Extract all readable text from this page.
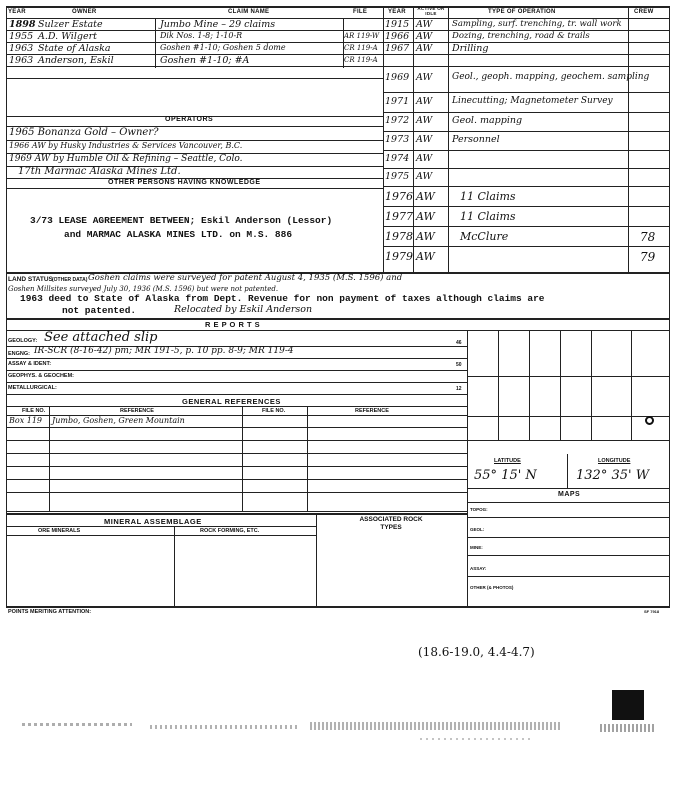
YEAR	OWNER	CLAIM NAME	FILE	YEAR
ACTIVE OR IDLE	TYPE OF OPERATION	CREW
1898 Sulzer Estate	Jumbo Mine – 29 claims
1955 A.D. Wilgert	Dik Nos. 1-8; 1-10-R	AR 119-W
1963 State of Alaska	Goshen #1-10; Goshen 5 dome	CR 119-A
1963 Anderson, Eskil	Goshen #1-10; #A	CR 119-A
1915 AW Sampling, surf. trenching, tr. wall work
1966 AW Dozing, trenching, road & trails
1967 AW Drilling
1969 AW Geol., geoph. mapping, geochem. sampling
1971 AW Linecutting; Magnetometer Survey
1972 AW Geol. mapping
1973 AW Personnel
1974 AW
1975 AW
1976 AW 11 Claims
1977 AW 11 Claims
1978 AW McClure	78
1979 AW	79
OPERATORS
1965 Bonanza Gold – Owner?
1966 AW by Husky Industries & Services Vancouver, B.C.
1969 AW by Humble Oil & Refining – Seattle, Colo.
17th Marmac Alaska Mines Ltd.
OTHER PERSONS HAVING KNOWLEDGE
3/73 LEASE AGREEMENT BETWEEN; Eskil Anderson (Lessor)
and MARMAC ALASKA MINES LTD. on M.S. 886
LAND STATUS (OTHER DATA) Goshen claims were surveyed for patent August 4, 1935 (M.S. 1596) and
Goshen Millsites surveyed July 30, 1936 (M.S. 1596) but were not patented.
1963 deed to State of Alaska from Dept. Revenue for non payment of taxes although claims are
not patented.	Relocated by Eskil Anderson
R E P O R T S
GEOLOGY: See attached slip	46
ENGNG: IR-SCR (8-16-42) pm; MR 191-5, p. 10 pp. 8-9; MR 119-4
ASSAY & IDENT:	50
GEOPHYS. & GEOCHEM:
METALLURGICAL:	12
GENERAL REFERENCES
FILE NO.	REFERENCE	FILE NO.	REFERENCE
Box 119 Jumbo, Goshen, Green Mountain
LATITUDE	LONGITUDE
55° 15' N	132° 35' W
MAPS
TOPOG:
GEOL:
MINE:
ASSAY:
OTHER (& PHOTOS)
MINERAL ASSEMBLAGE
ORE MINERALS	ROCK FORMING, ETC.
ASSOCIATED ROCK TYPES
POINTS MERITING ATTENTION:	SF 7918
(18.6-19.0, 4.4-4.7)
